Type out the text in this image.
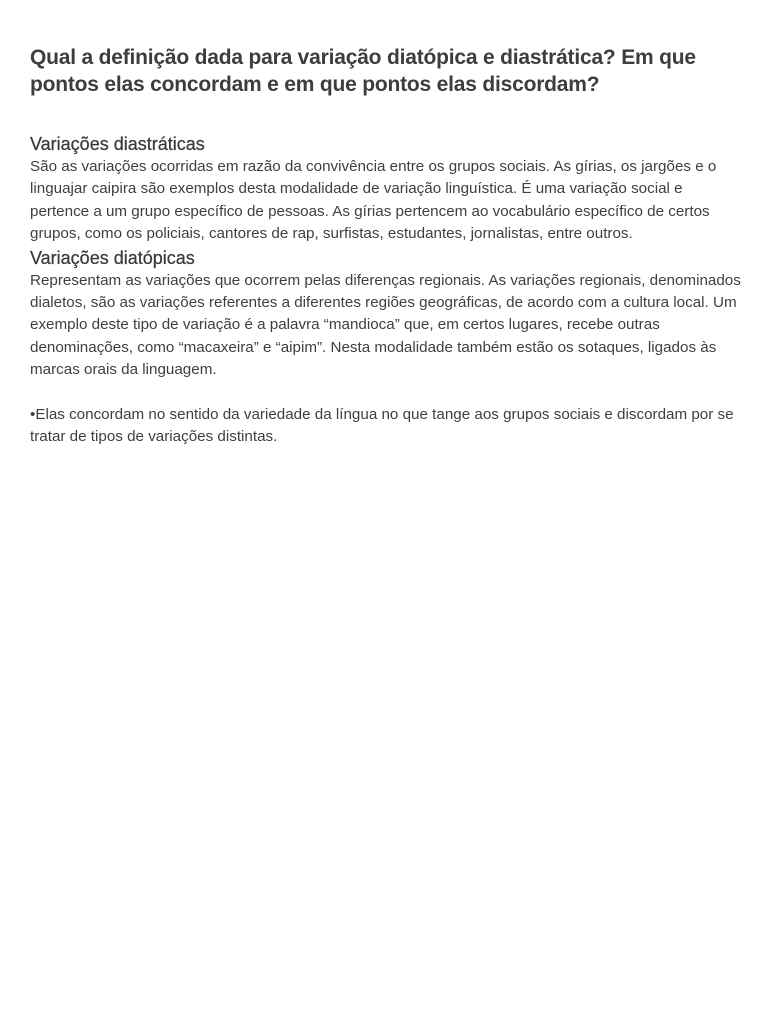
Qual a definição dada para variação diatópica e diastrática? Em que pontos elas concordam e em que pontos elas discordam?
Variações diastráticas

São as variações ocorridas em razão da convivência entre os grupos sociais. As gírias, os jargões e o linguajar caipira são exemplos desta modalidade de variação linguística. É uma variação social e pertence a um grupo específico de pessoas. As gírias pertencem ao vocabulário específico de certos grupos, como os policiais, cantores de rap, surfistas, estudantes, jornalistas, entre outros.

Variações diatópicas

Representam as variações que ocorrem pelas diferenças regionais. As variações regionais, denominados dialetos, são as variações referentes a diferentes regiões geográficas, de acordo com a cultura local. Um exemplo deste tipo de variação é a palavra “mandioca” que, em certos lugares, recebe outras denominações, como “macaxeira” e “aipim”. Nesta modalidade também estão os sotaques, ligados às marcas orais da linguagem.

•Elas concordam no sentido da variedade da língua no que tange aos grupos sociais e discordam por se tratar de tipos de variações distintas.
